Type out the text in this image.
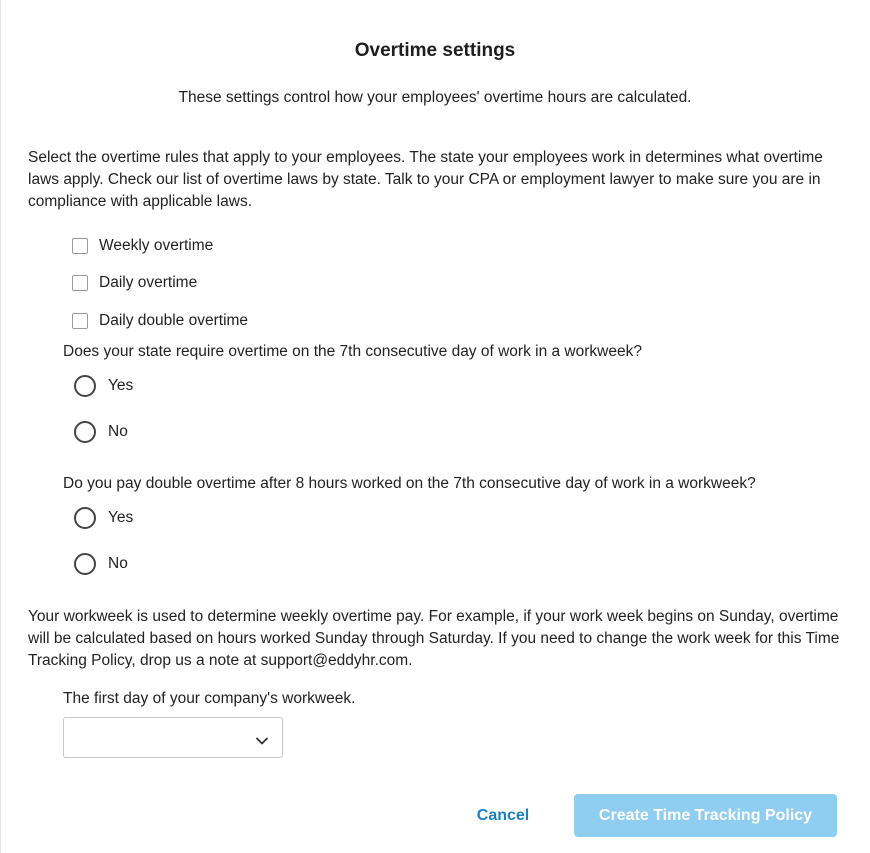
Overtime settings
These settings control how your employees' overtime hours are calculated.
Select the overtime rules that apply to your employees. The state your employees work in determines what overtime laws apply. Check our list of overtime laws by state. Talk to your CPA or employment lawyer to make sure you are in compliance with applicable laws.
Weekly overtime
Daily overtime
Daily double overtime
Does your state require overtime on the 7th consecutive day of work in a workweek?
Yes
No
Do you pay double overtime after 8 hours worked on the 7th consecutive day of work in a workweek?
Yes
No
Your workweek is used to determine weekly overtime pay. For example, if your work week begins on Sunday, overtime will be calculated based on hours worked Sunday through Saturday. If you need to change the work week for this Time Tracking Policy, drop us a note at support@eddyhr.com.
The first day of your company's workweek.
Cancel	Create Time Tracking Policy
